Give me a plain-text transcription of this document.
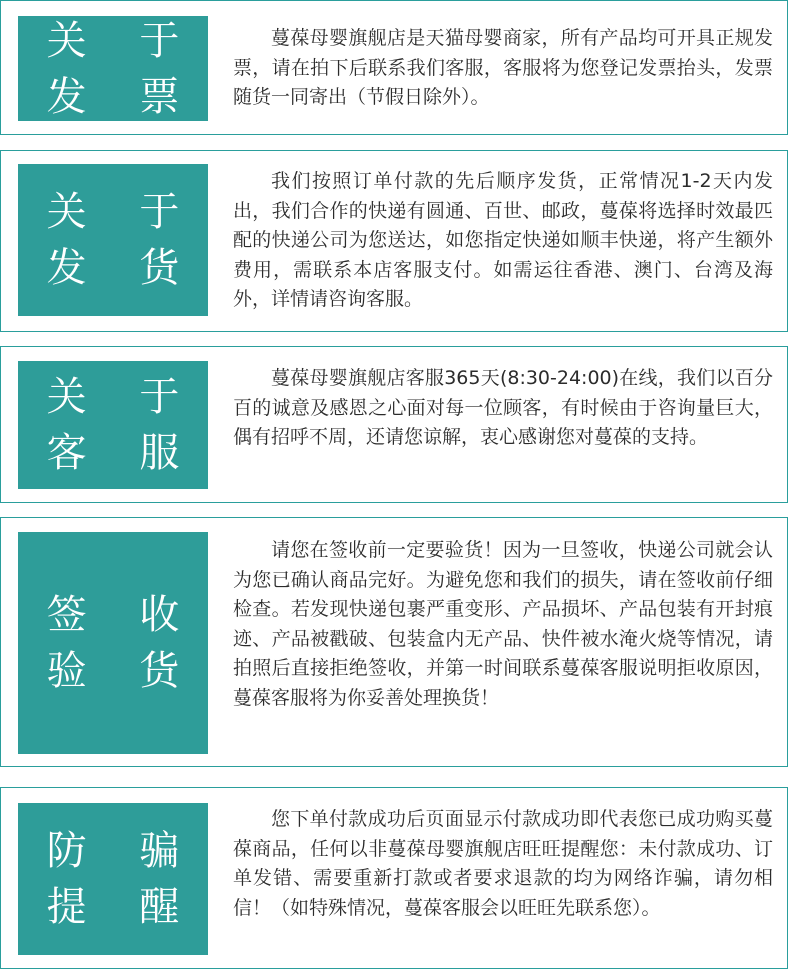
关 于
发 票

蔓葆母婴旗舰店是天猫母婴商家，所有产品均可开具正规发票，请在拍下后联系我们客服，客服将为您登记发票抬头，发票随货一同寄出（节假日除外）。

关 于
发 货

我们按照订单付款的先后顺序发货，正常情况1-2天内发出，我们合作的快递有圆通、百世、邮政，蔓葆将选择时效最匹配的快递公司为您送达，如您指定快递如顺丰快递，将产生额外费用，需联系本店客服支付。如需运往香港、澳门、台湾及海外，详情请咨询客服。

关 于
客 服

蔓葆母婴旗舰店客服365天(8:30-24:00)在线，我们以百分百的诚意及感恩之心面对每一位顾客，有时候由于咨询量巨大，偶有招呼不周，还请您谅解，衷心感谢您对蔓葆的支持。

签 收
验 货

请您在签收前一定要验货！因为一旦签收，快递公司就会认为您已确认商品完好。为避免您和我们的损失，请在签收前仔细检查。若发现快递包裹严重变形、产品损坏、产品包装有开封痕迹、产品被戳破、包装盒内无产品、快件被水淹火烧等情况，请拍照后直接拒绝签收，并第一时间联系蔓葆客服说明拒收原因，蔓葆客服将为你妥善处理换货！

防 骗
提 醒

您下单付款成功后页面显示付款成功即代表您已成功购买蔓葆商品，任何以非蔓葆母婴旗舰店旺旺提醒您：未付款成功、订单发错、需要重新打款或者要求退款的均为网络诈骗，请勿相信！（如特殊情况，蔓葆客服会以旺旺先联系您）。
